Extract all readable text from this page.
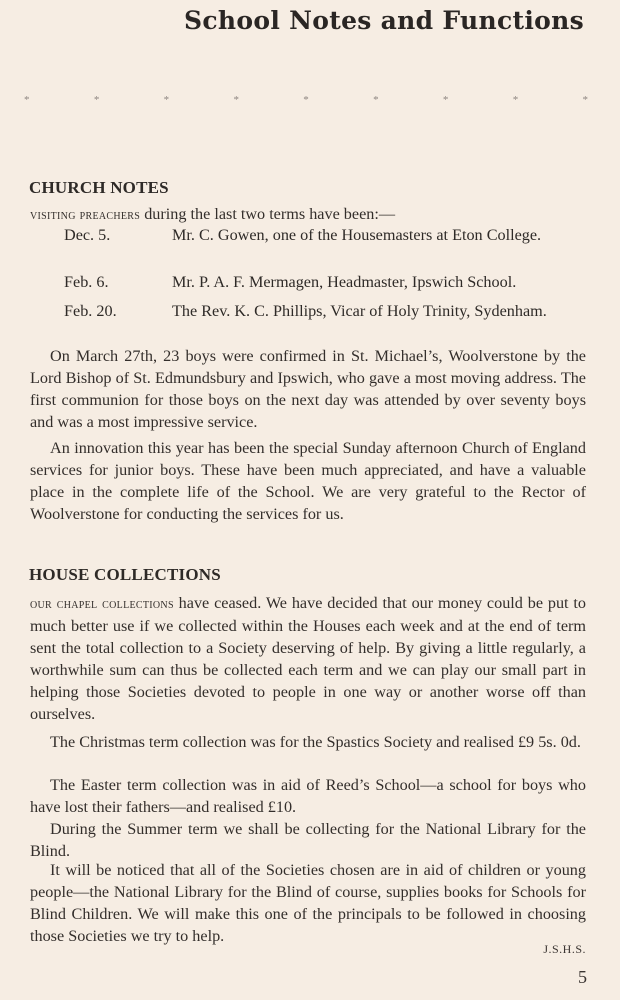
School Notes and Functions
*	*	*	*	*	*	*	*	*
CHURCH NOTES

visiting preachers during the last two terms have been:—

Dec. 5.	Mr. C. Gowen, one of the Housemasters at Eton College.
Feb. 6.	Mr. P. A. F. Mermagen, Headmaster, Ipswich School.
Feb. 20.	The Rev. K. C. Phillips, Vicar of Holy Trinity, Sydenham.

On March 27th, 23 boys were confirmed in St. Michael’s, Woolverstone by the Lord Bishop of St. Edmundsbury and Ipswich, who gave a most moving address. The first communion for those boys on the next day was attended by over seventy boys and was a most impressive service.

An innovation this year has been the special Sunday afternoon Church of England services for junior boys. These have been much appreciated, and have a valuable place in the complete life of the School. We are very grateful to the Rector of Woolverstone for conducting the services for us.

HOUSE COLLECTIONS

our chapel collections have ceased. We have decided that our money could be put to much better use if we collected within the Houses each week and at the end of term sent the total collection to a Society deserving of help. By giving a little regularly, a worthwhile sum can thus be collected each term and we can play our small part in helping those Societies devoted to people in one way or another worse off than ourselves.

The Christmas term collection was for the Spastics Society and realised £9 5s. 0d.

The Easter term collection was in aid of Reed’s School—a school for boys who have lost their fathers—and realised £10.

During the Summer term we shall be collecting for the National Library for the Blind.

It will be noticed that all of the Societies chosen are in aid of children or young people—the National Library for the Blind of course, supplies books for Schools for Blind Children. We will make this one of the principals to be followed in choosing those Societies we try to help.

J.S.H.S.
5
